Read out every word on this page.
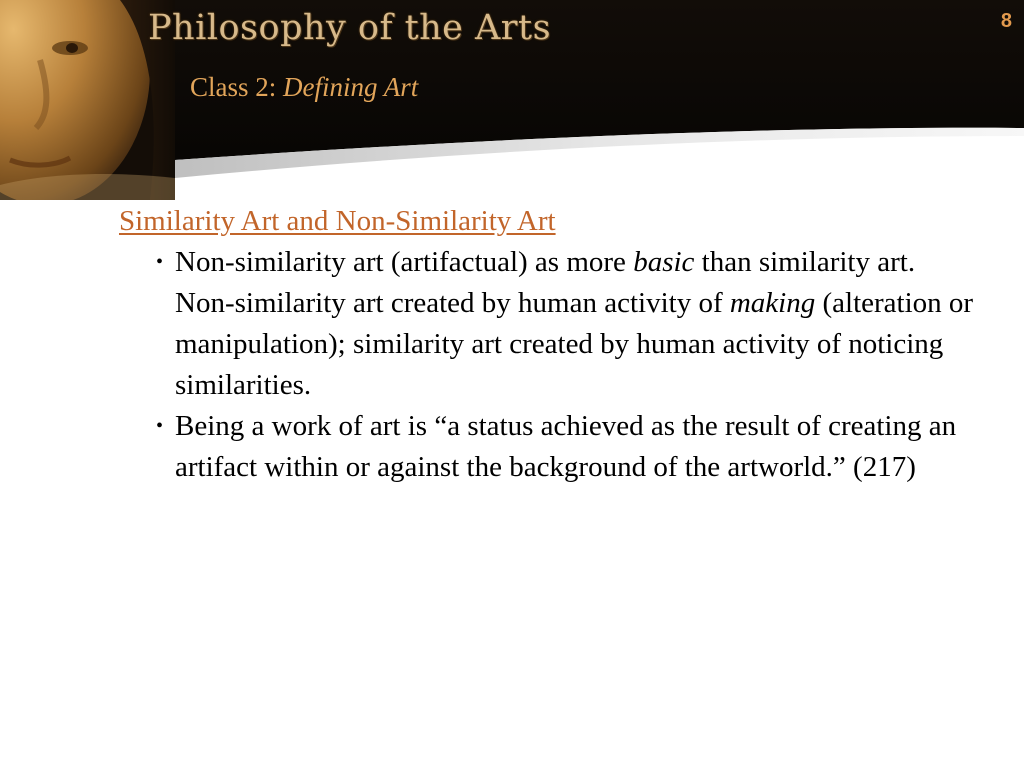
Philosophy of the Arts
Class 2: Defining Art
8
Similarity Art and Non-Similarity Art
• Non-similarity art (artifactual) as more basic than similarity art. Non-similarity art created by human activity of making (alteration or manipulation); similarity art created by human activity of noticing similarities.
• Being a work of art is “a status achieved as the result of creating an artifact within or against the background of the artworld.” (217)
